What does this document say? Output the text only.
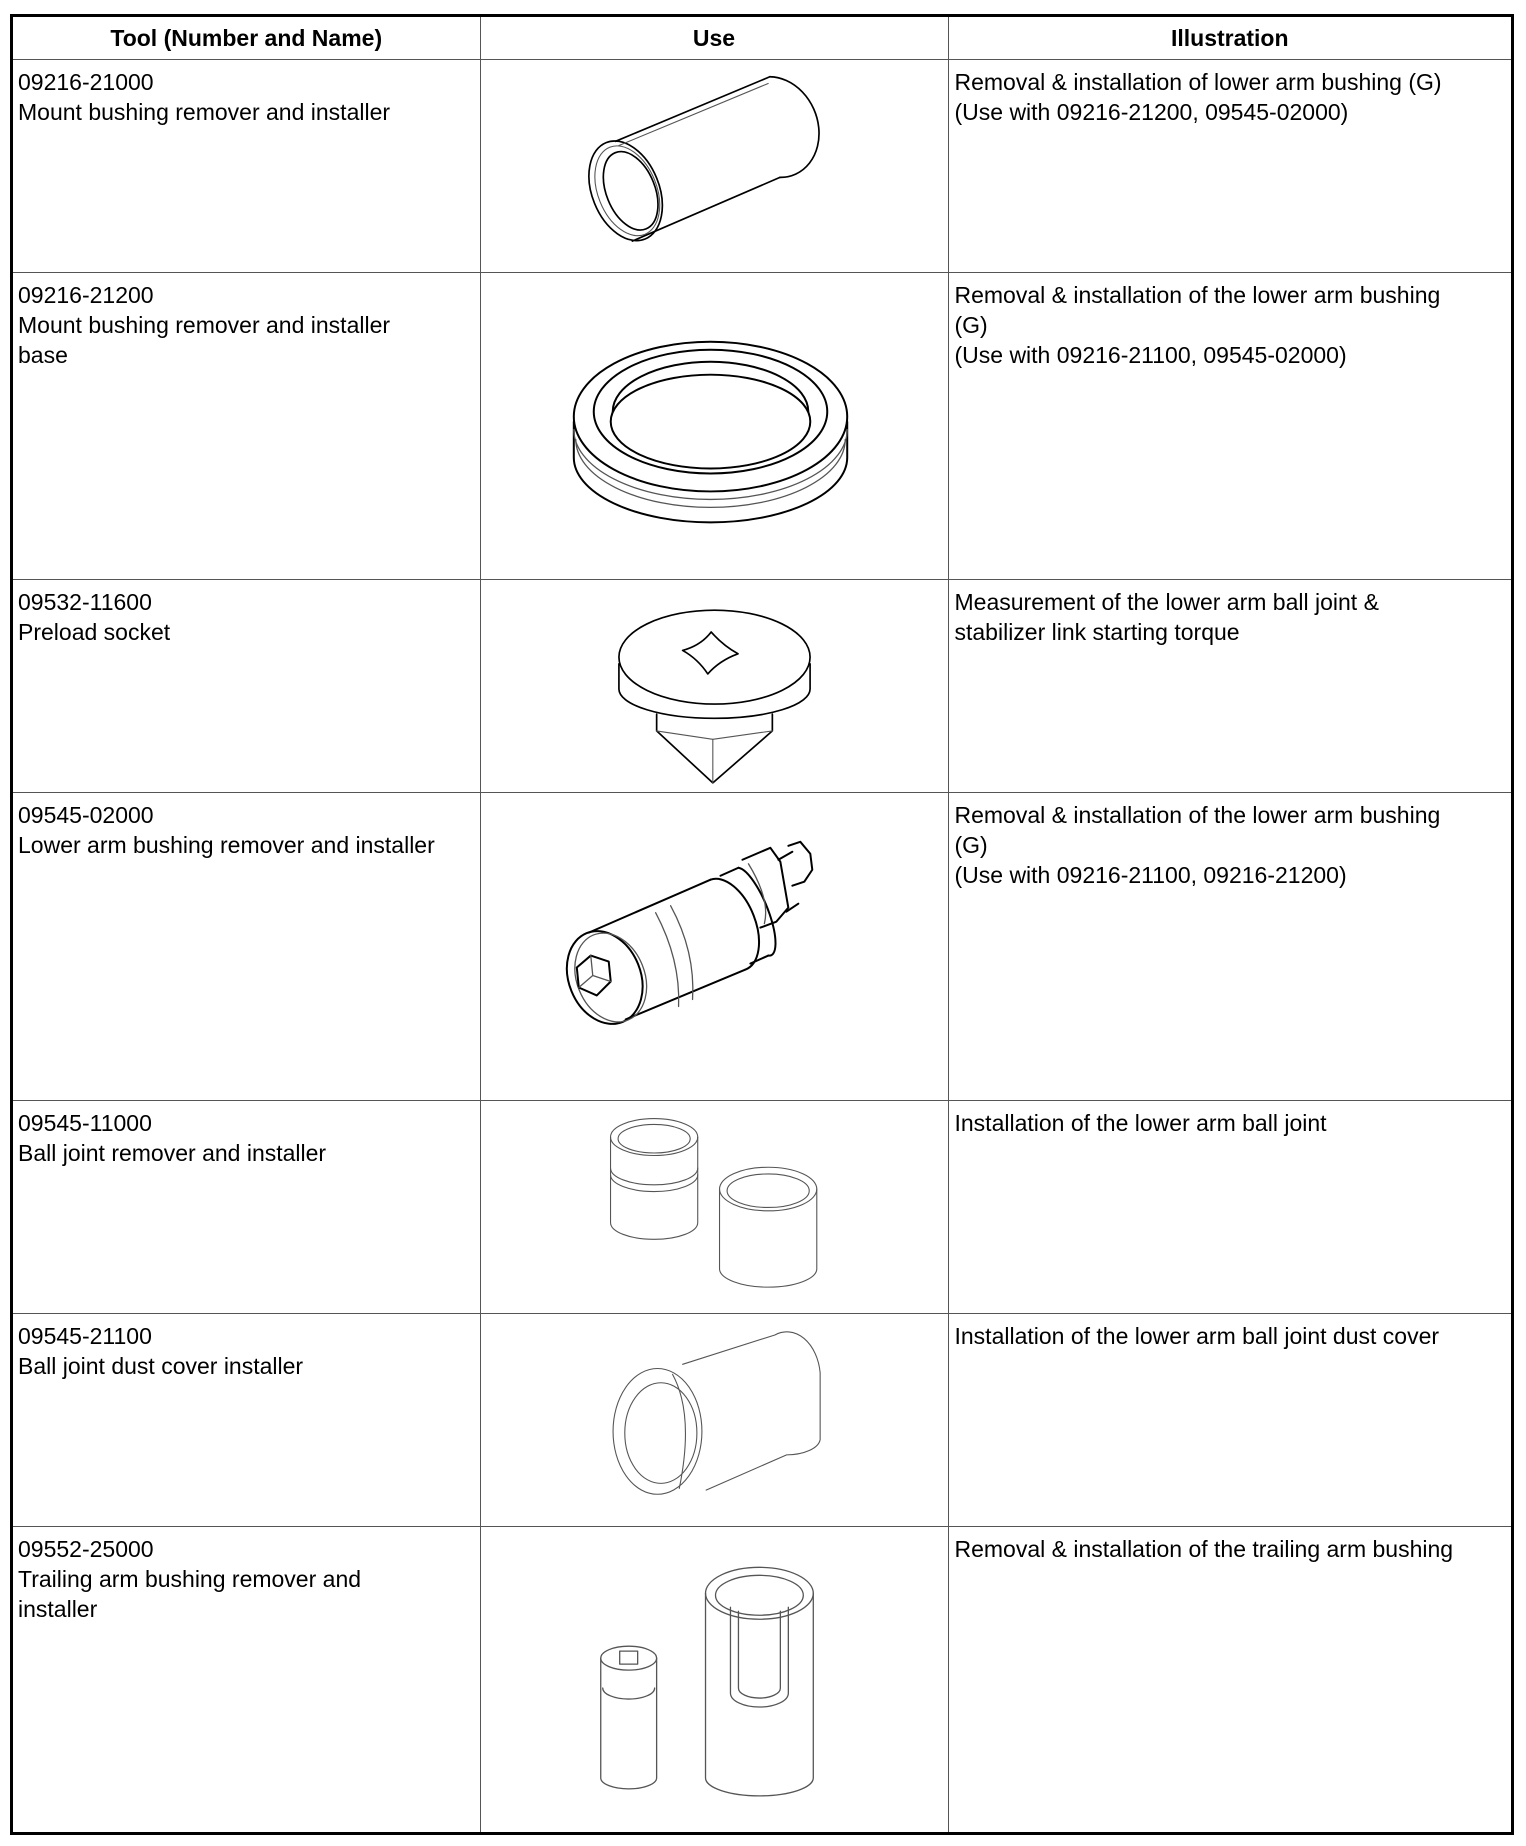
Tool (Number and Name)	Use	Illustration

09216-21000
Mount bushing remover and installer		Removal & installation of lower arm bushing (G)
(Use with 09216-21200, 09545-02000)

09216-21200
Mount bushing remover and installer
base		Removal & installation of the lower arm bushing
(G)
(Use with 09216-21100, 09545-02000)

09532-11600
Preload socket		Measurement of the lower arm ball joint &
stabilizer link starting torque

09545-02000
Lower arm bushing remover and installer		Removal & installation of the lower arm bushing
(G)
(Use with 09216-21100, 09216-21200)

09545-11000
Ball joint remover and installer		Installation of the lower arm ball joint

09545-21100
Ball joint dust cover installer		Installation of the lower arm ball joint dust cover

09552-25000
Trailing arm bushing remover and
installer		Removal & installation of the trailing arm bushing
